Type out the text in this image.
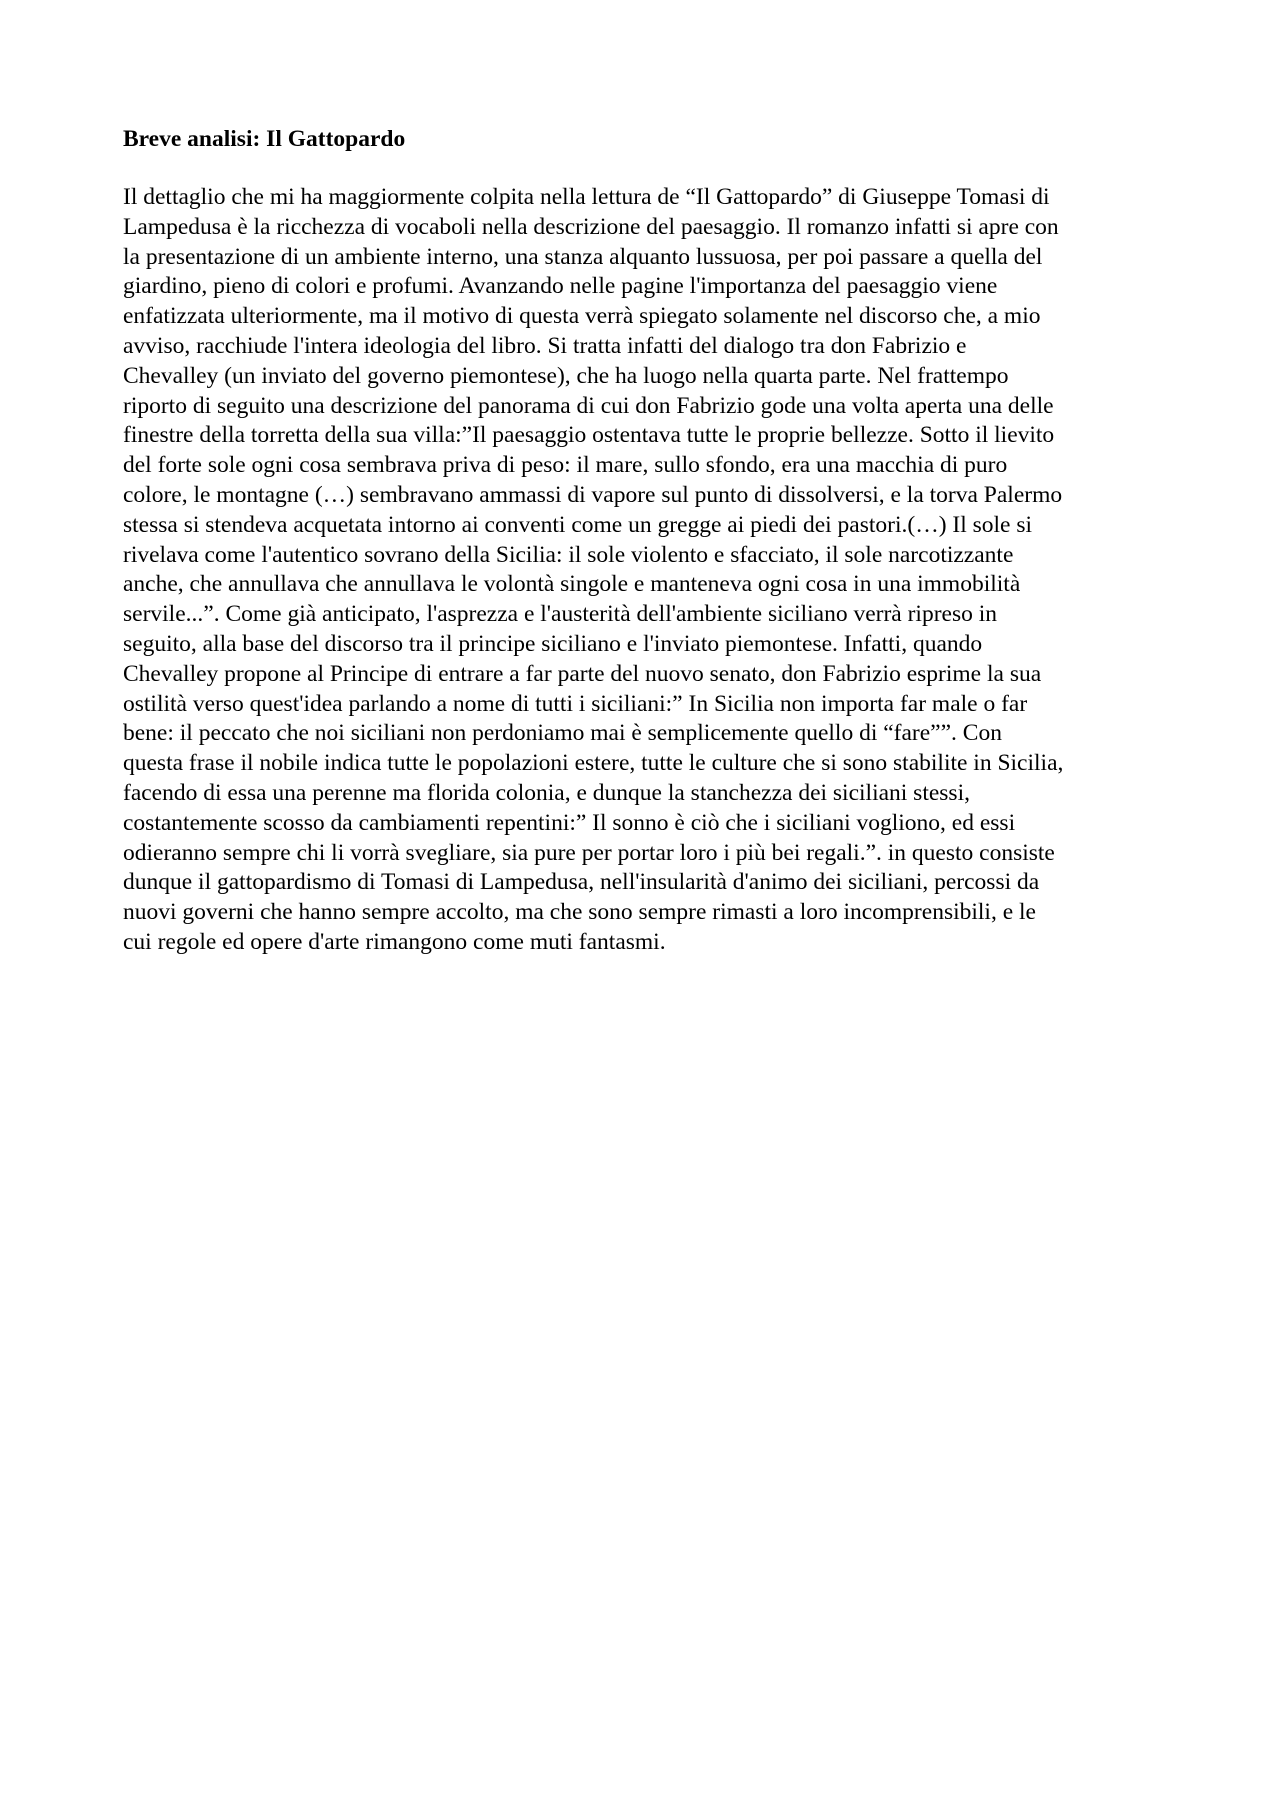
Breve analisi: Il Gattopardo

Il dettaglio che mi ha maggiormente colpita nella lettura de “Il Gattopardo” di Giuseppe Tomasi di
Lampedusa è la ricchezza di vocaboli nella descrizione del paesaggio. Il romanzo infatti si apre con
la presentazione di un ambiente interno, una stanza alquanto lussuosa, per poi passare a quella del
giardino, pieno di colori e profumi. Avanzando nelle pagine l'importanza del paesaggio viene
enfatizzata ulteriormente, ma il motivo di questa verrà spiegato solamente nel discorso che, a mio
avviso, racchiude l'intera ideologia del libro. Si tratta infatti del dialogo tra don Fabrizio e
Chevalley (un inviato del governo piemontese), che ha luogo nella quarta parte. Nel frattempo
riporto di seguito una descrizione del panorama di cui don Fabrizio gode una volta aperta una delle
finestre della torretta della sua villa:”Il paesaggio ostentava tutte le proprie bellezze. Sotto il lievito
del forte sole ogni cosa sembrava priva di peso: il mare, sullo sfondo, era una macchia di puro
colore, le montagne (…) sembravano ammassi di vapore sul punto di dissolversi, e la torva Palermo
stessa si stendeva acquetata intorno ai conventi come un gregge ai piedi dei pastori.(…) Il sole si
rivelava come l'autentico sovrano della Sicilia: il sole violento e sfacciato, il sole narcotizzante
anche, che annullava che annullava le volontà singole e manteneva ogni cosa in una immobilità
servile...”. Come già anticipato, l'asprezza e l'austerità dell'ambiente siciliano verrà ripreso in
seguito, alla base del discorso tra il principe siciliano e l'inviato piemontese. Infatti, quando
Chevalley propone al Principe di entrare a far parte del nuovo senato, don Fabrizio esprime la sua
ostilità verso quest'idea parlando a nome di tutti i siciliani:” In Sicilia non importa far male o far
bene: il peccato che noi siciliani non perdoniamo mai è semplicemente quello di “fare””. Con
questa frase il nobile indica tutte le popolazioni estere, tutte le culture che si sono stabilite in Sicilia,
facendo di essa una perenne ma florida colonia, e dunque la stanchezza dei siciliani stessi,
costantemente scosso da cambiamenti repentini:” Il sonno è ciò che i siciliani vogliono, ed essi
odieranno sempre chi li vorrà svegliare, sia pure per portar loro i più bei regali.”. in questo consiste
dunque il gattopardismo di Tomasi di Lampedusa, nell'insularità d'animo dei siciliani, percossi da
nuovi governi che hanno sempre accolto, ma che sono sempre rimasti a loro incomprensibili, e le
cui regole ed opere d'arte rimangono come muti fantasmi.
